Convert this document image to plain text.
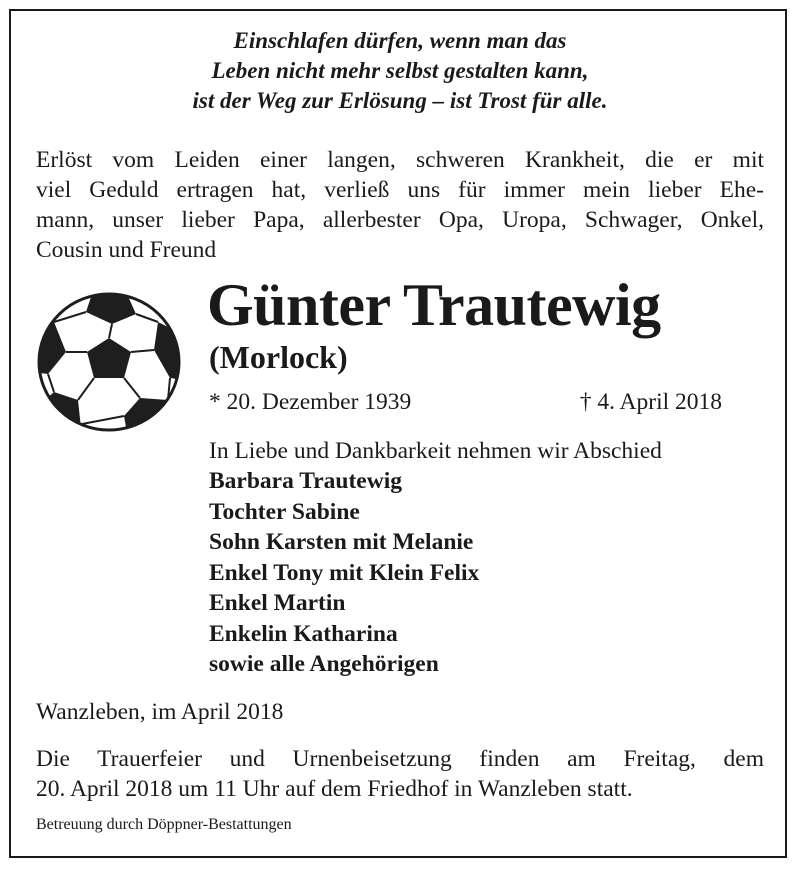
Einschlafen dürfen, wenn man das
Leben nicht mehr selbst gestalten kann,
ist der Weg zur Erlösung – ist Trost für alle.
Erlöst vom Leiden einer langen, schweren Krankheit, die er mit
viel Geduld ertragen hat, verließ uns für immer mein lieber Ehe-
mann, unser lieber Papa, allerbester Opa, Uropa, Schwager, Onkel,
Cousin und Freund
Günter Trautewig
(Morlock)
* 20. Dezember 1939	† 4. April 2018
In Liebe und Dankbarkeit nehmen wir Abschied
Barbara Trautewig
Tochter Sabine
Sohn Karsten mit Melanie
Enkel Tony mit Klein Felix
Enkel Martin
Enkelin Katharina
sowie alle Angehörigen
Wanzleben, im April 2018
Die Trauerfeier und Urnenbeisetzung finden am Freitag, dem
20. April 2018 um 11 Uhr auf dem Friedhof in Wanzleben statt.
Betreuung durch Döppner-Bestattungen
